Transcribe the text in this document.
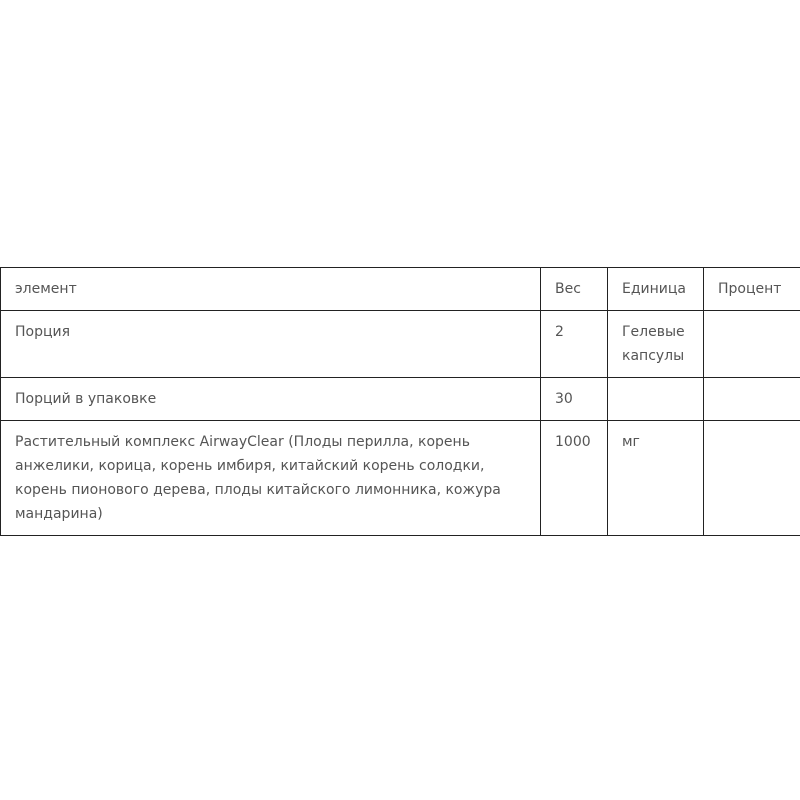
элемент	Вес	Единица	Процент
Порция	2	Гелевые капсулы	
Порций в упаковке	30		
Растительный комплекс AirwayClear (Плоды перилла, корень анжелики, корица, корень имбиря, китайский корень солодки, корень пионового дерева, плоды китайского лимонника, кожура мандарина)	1000	мг	
